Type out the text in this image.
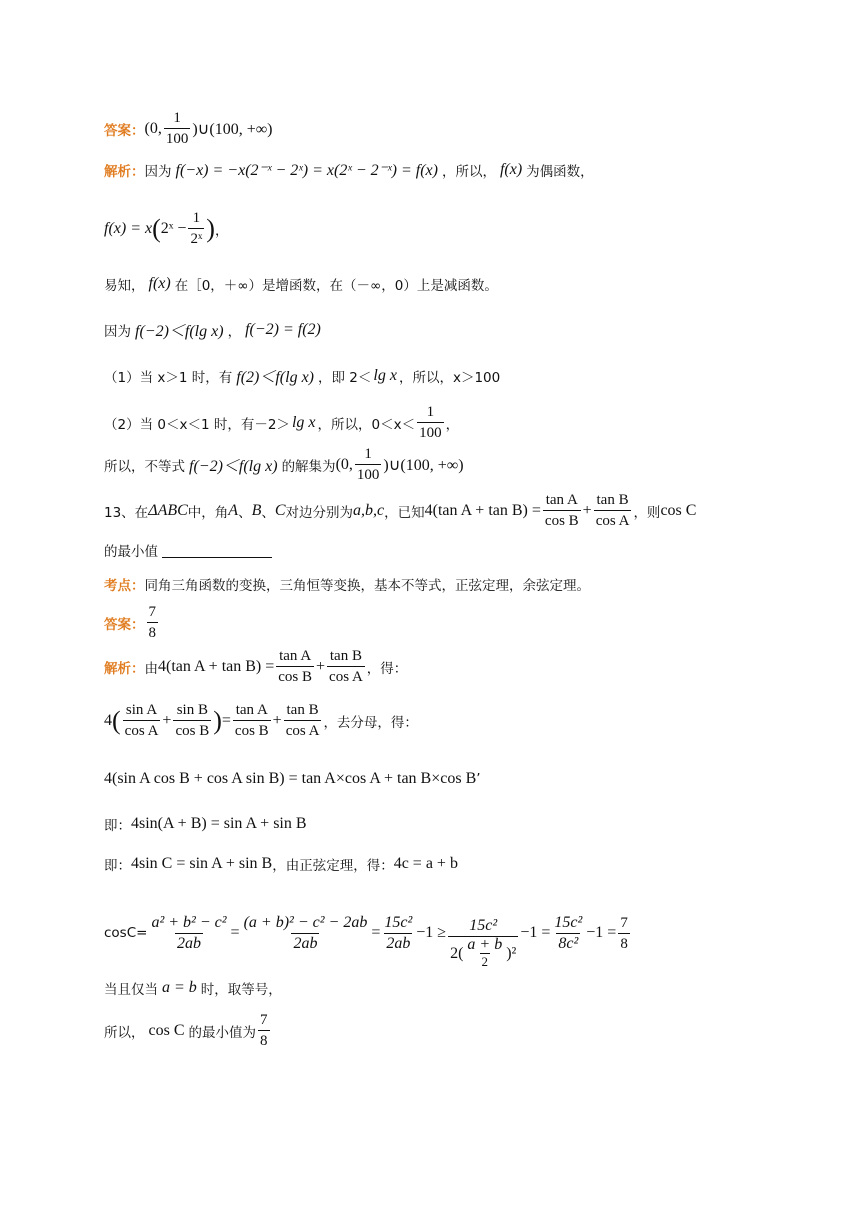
答案 ： (0, $\frac{1}{100}$ )∪(100, +∞)
解析 ： 因为 f(−x) = −x(2⁻ˣ − 2ˣ) = x(2ˣ − 2⁻ˣ) = f(x) ，所以， f(x) 为偶函数，
f(x) = x ( 2ˣ − $\frac{1}{\text{2ˣ}}$ ) ，
易知， f(x) 在［0，＋∞）是增函数，在（－∞，0）上是减函数。
因为 f(−2)＜f(lg x) ， f(−2) = f(2)
（1）当 x＞1 时，有 f(2)＜f(lg x) ，即 2＜ lg x ，所以，x＞100
（2）当 0＜x＜1 时，有－2＞ lg x ，所以，$0<x< \frac{1}{100}$ ，
所以，不等式 f(−2)＜f(lg x) 的解集为 (0, $\frac{1}{100}$ )∪(100, +∞)
13、在 ΔABC 中，角 A 、 B 、 C 对边分别为 a,b,c ，已知 4(tan $A + \tan B) = \frac{\text{tan A}}{\text{cos B}} + \frac{\text{tan B}}{\text{cos A}}$ ，则 cos C
的最小值
考点 ： 同角三角函数的变换，三角恒等变换，基本不等式，正弦定理，余弦定理。
答案 ： $\frac{7}{8}$
解析 ： 由 4(tan $A + \tan B) = \frac{\text{tan A}}{\text{cos B}} + \frac{\text{tan B}}{\text{cos A}}$ ，得：
4 ( $\frac{\text{sin A}}{\text{cos A}} + \frac{\text{sin B}}{\text{cos B}}$ ) = $\frac{\text{tan A}}{\text{cos B}} + \frac{\text{tan B}}{\text{cos A}}$ ，去分母，得：
4(sin A cos B + cos A sin B) = tan A×cos A + tan B×cos B ’
即： 4sin(A + B) = sin A + sin B
即： 4sin C = sin A + sin B ，由正弦定理，得： 4c = a + b
$\cos C= \frac{\text{a² + b² − c²}}{2ab} = \frac{\text{(a + b)² − c² − 2ab}}{2ab} = \frac{\text{15c²}}{2ab} -1 \ge \frac{\text{15c²}}{2( \frac{a + b}{2} )^2} -1 = \frac{\text{15c²}}{\text{8c²}} -1 = \frac{7}{8}$
当且仅当 a = b 时，取等号，
所以， cos C 的最小值为 $\frac{7}{8}$
